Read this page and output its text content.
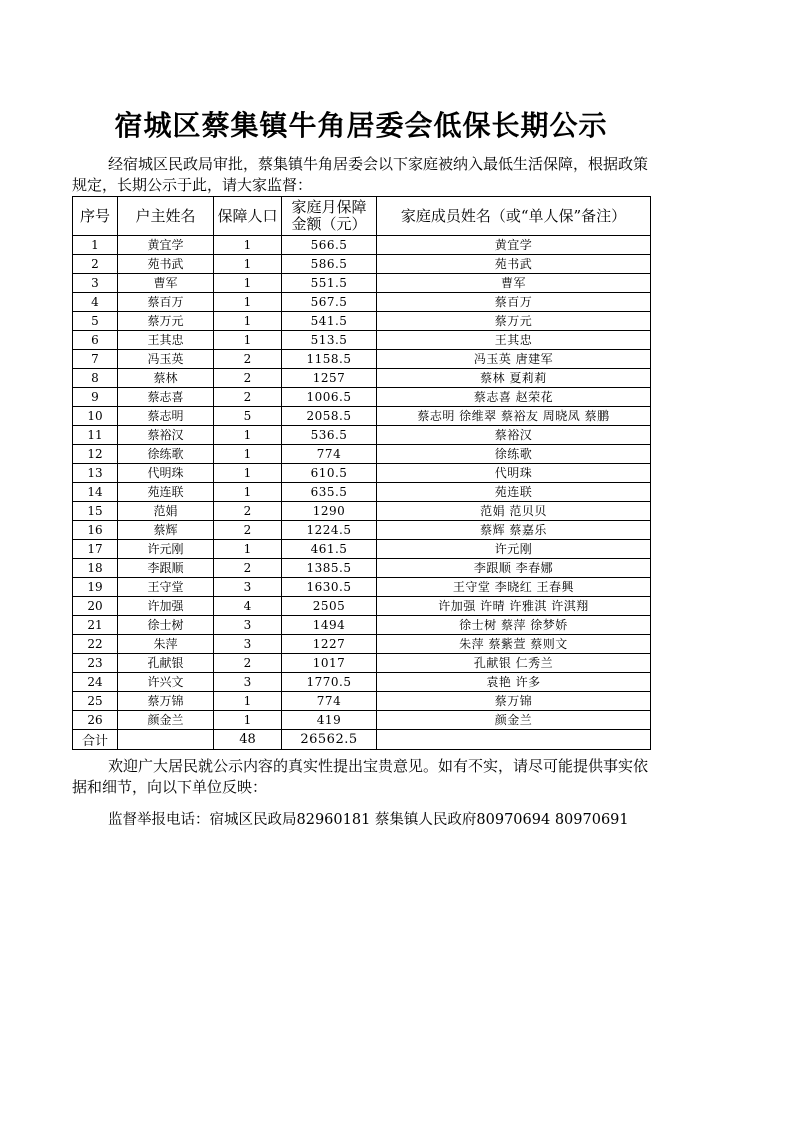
宿城区蔡集镇牛角居委会低保长期公示

经宿城区民政局审批，蔡集镇牛角居委会以下家庭被纳入最低生活保障，根据政策规定，长期公示于此，请大家监督：

序号	户主姓名	保障人口	家庭月保障金额（元）	家庭成员姓名（或“单人保”备注）
1	黄宜学	1	566.5	黄宜学
2	苑书武	1	586.5	苑书武
3	曹军	1	551.5	曹军
4	蔡百万	1	567.5	蔡百万
5	蔡万元	1	541.5	蔡万元
6	王其忠	1	513.5	王其忠
7	冯玉英	2	1158.5	冯玉英 唐建军
8	蔡林	2	1257	蔡林 夏莉莉
9	蔡志喜	2	1006.5	蔡志喜 赵荣花
10	蔡志明	5	2058.5	蔡志明 徐维翠 蔡裕友 周晓凤 蔡鹏
11	蔡裕汉	1	536.5	蔡裕汉
12	徐练歌	1	774	徐练歌
13	代明珠	1	610.5	代明珠
14	苑连联	1	635.5	苑连联
15	范娟	2	1290	范娟 范贝贝
16	蔡辉	2	1224.5	蔡辉 蔡嘉乐
17	许元刚	1	461.5	许元刚
18	李跟顺	2	1385.5	李跟顺 李春娜
19	王守堂	3	1630.5	王守堂 李晓红 王春興
20	许加强	4	2505	许加强 许晴 许雅淇 许淇翔
21	徐士树	3	1494	徐士树 蔡萍 徐梦娇
22	朱萍	3	1227	朱萍 蔡紫萱 蔡则文
23	孔献银	2	1017	孔献银 仁秀兰
24	许兴文	3	1770.5	袁艳 许多
25	蔡万锦	1	774	蔡万锦
26	颜金兰	1	419	颜金兰
合计		48	26562.5	

欢迎广大居民就公示内容的真实性提出宝贵意见。如有不实，请尽可能提供事实依据和细节，向以下单位反映：

监督举报电话：宿城区民政局82960181 蔡集镇人民政府80970694 80970691
